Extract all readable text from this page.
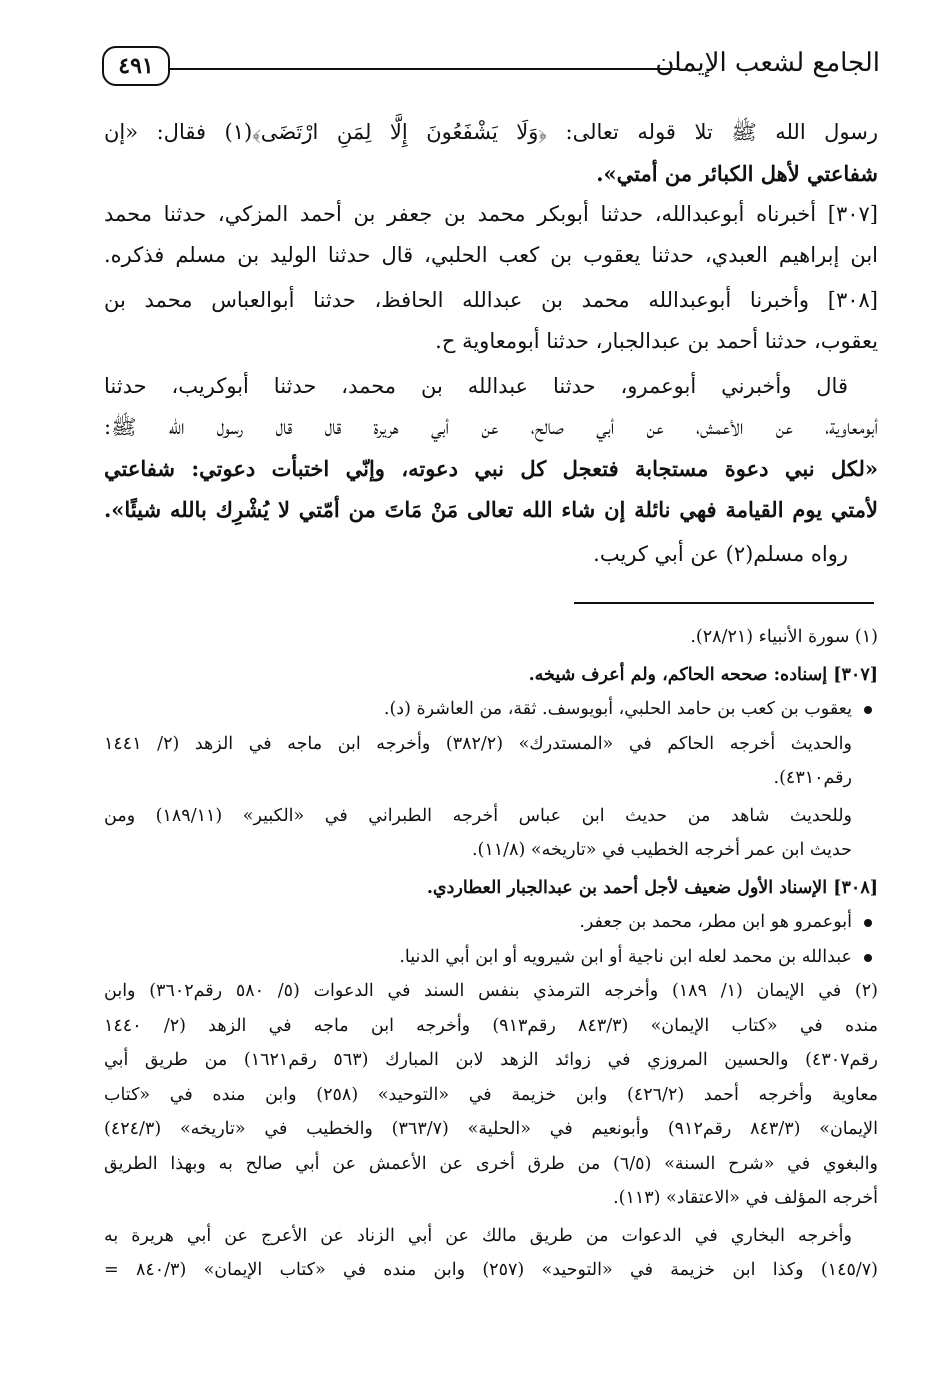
الجامع لشعب الإيمان
٤٩١
رسول الله ﷺ تلا قوله تعالى: ﴿وَلَا يَشْفَعُونَ إِلَّا لِمَنِ ارْتَضَى﴾(١) فقال: «إن
شفاعتي لأهل الكبائر من أمتي».
[٣٠٧] أخبرناه أبوعبدالله، حدثنا أبوبكر محمد بن جعفر بن أحمد المزكي، حدثنا محمد
ابن إبراهيم العبدي، حدثنا يعقوب بن كعب الحلبي، قال حدثنا الوليد بن مسلم فذكره.
[٣٠٨] وأخبرنا أبوعبدالله محمد بن عبدالله الحافظ، حدثنا أبوالعباس محمد بن
يعقوب، حدثنا أحمد بن عبدالجبار، حدثنا أبومعاوية ح.
قال وأخبرني أبوعمرو، حدثنا عبدالله بن محمد، حدثنا أبوكريب، حدثنا
أبومعاوية، عن الأعمش، عن أبي صالح، عن أبي هريرة قال قال رسول الله ﷺ:
«لكل نبي دعوة مستجابة فتعجل كل نبي دعوته، وإنّي اختبأت دعوتي: شفاعتي
لأمتي يوم القيامة فهي نائلة إن شاء الله تعالى مَنْ مَاتَ من أمّتي لا يُشْرِك بالله شيئًا».
رواه مسلم(٢) عن أبي كريب.
(١) سورة الأنبياء (٢٨/٢١).
[٣٠٧] إسناده: صححه الحاكم، ولم أعرف شيخه.
يعقوب بن كعب بن حامد الحلبي، أبويوسف. ثقة، من العاشرة (د).
والحديث أخرجه الحاكم في «المستدرك» (٣٨٢/٢) وأخرجه ابن ماجه في الزهد (٢/ ١٤٤١
رقم٤٣١٠).
وللحديث شاهد من حديث ابن عباس أخرجه الطبراني في «الكبير» (١٨٩/١١) ومن
حديث ابن عمر أخرجه الخطيب في «تاريخه» (١١/٨).
[٣٠٨] الإسناد الأول ضعيف لأجل أحمد بن عبدالجبار العطاردي.
أبوعمرو هو ابن مطر، محمد بن جعفر.
عبدالله بن محمد لعله ابن ناجية أو ابن شيرويه أو ابن أبي الدنيا.
(٢) في الإيمان (١/ ١٨٩) وأخرجه الترمذي بنفس السند في الدعوات (٥/ ٥٨٠ رقم٣٦٠٢) وابن
منده في «كتاب الإيمان» (٨٤٣/٣ رقم٩١٣) وأخرجه ابن ماجه في الزهد (٢/ ١٤٤٠
رقم٤٣٠٧) والحسين المروزي في زوائد الزهد لابن المبارك (٥٦٣ رقم١٦٢١) من طريق أبي
معاوية وأخرجه أحمد (٤٢٦/٢) وابن خزيمة في «التوحيد» (٢٥٨) وابن منده في «كتاب
الإيمان» (٨٤٣/٣ رقم٩١٢) وأبونعيم في «الحلية» (٣٦٣/٧) والخطيب في «تاريخه» (٤٢٤/٣)
والبغوي في «شرح السنة» (٦/٥) من طرق أخرى عن الأعمش عن أبي صالح به وبهذا الطريق
أخرجه المؤلف في «الاعتقاد» (١١٣).
وأخرجه البخاري في الدعوات من طريق مالك عن أبي الزناد عن الأعرج عن أبي هريرة به
(١٤٥/٧) وكذا ابن خزيمة في «التوحيد» (٢٥٧) وابن منده في «كتاب الإيمان» (٨٤٠/٣ =
